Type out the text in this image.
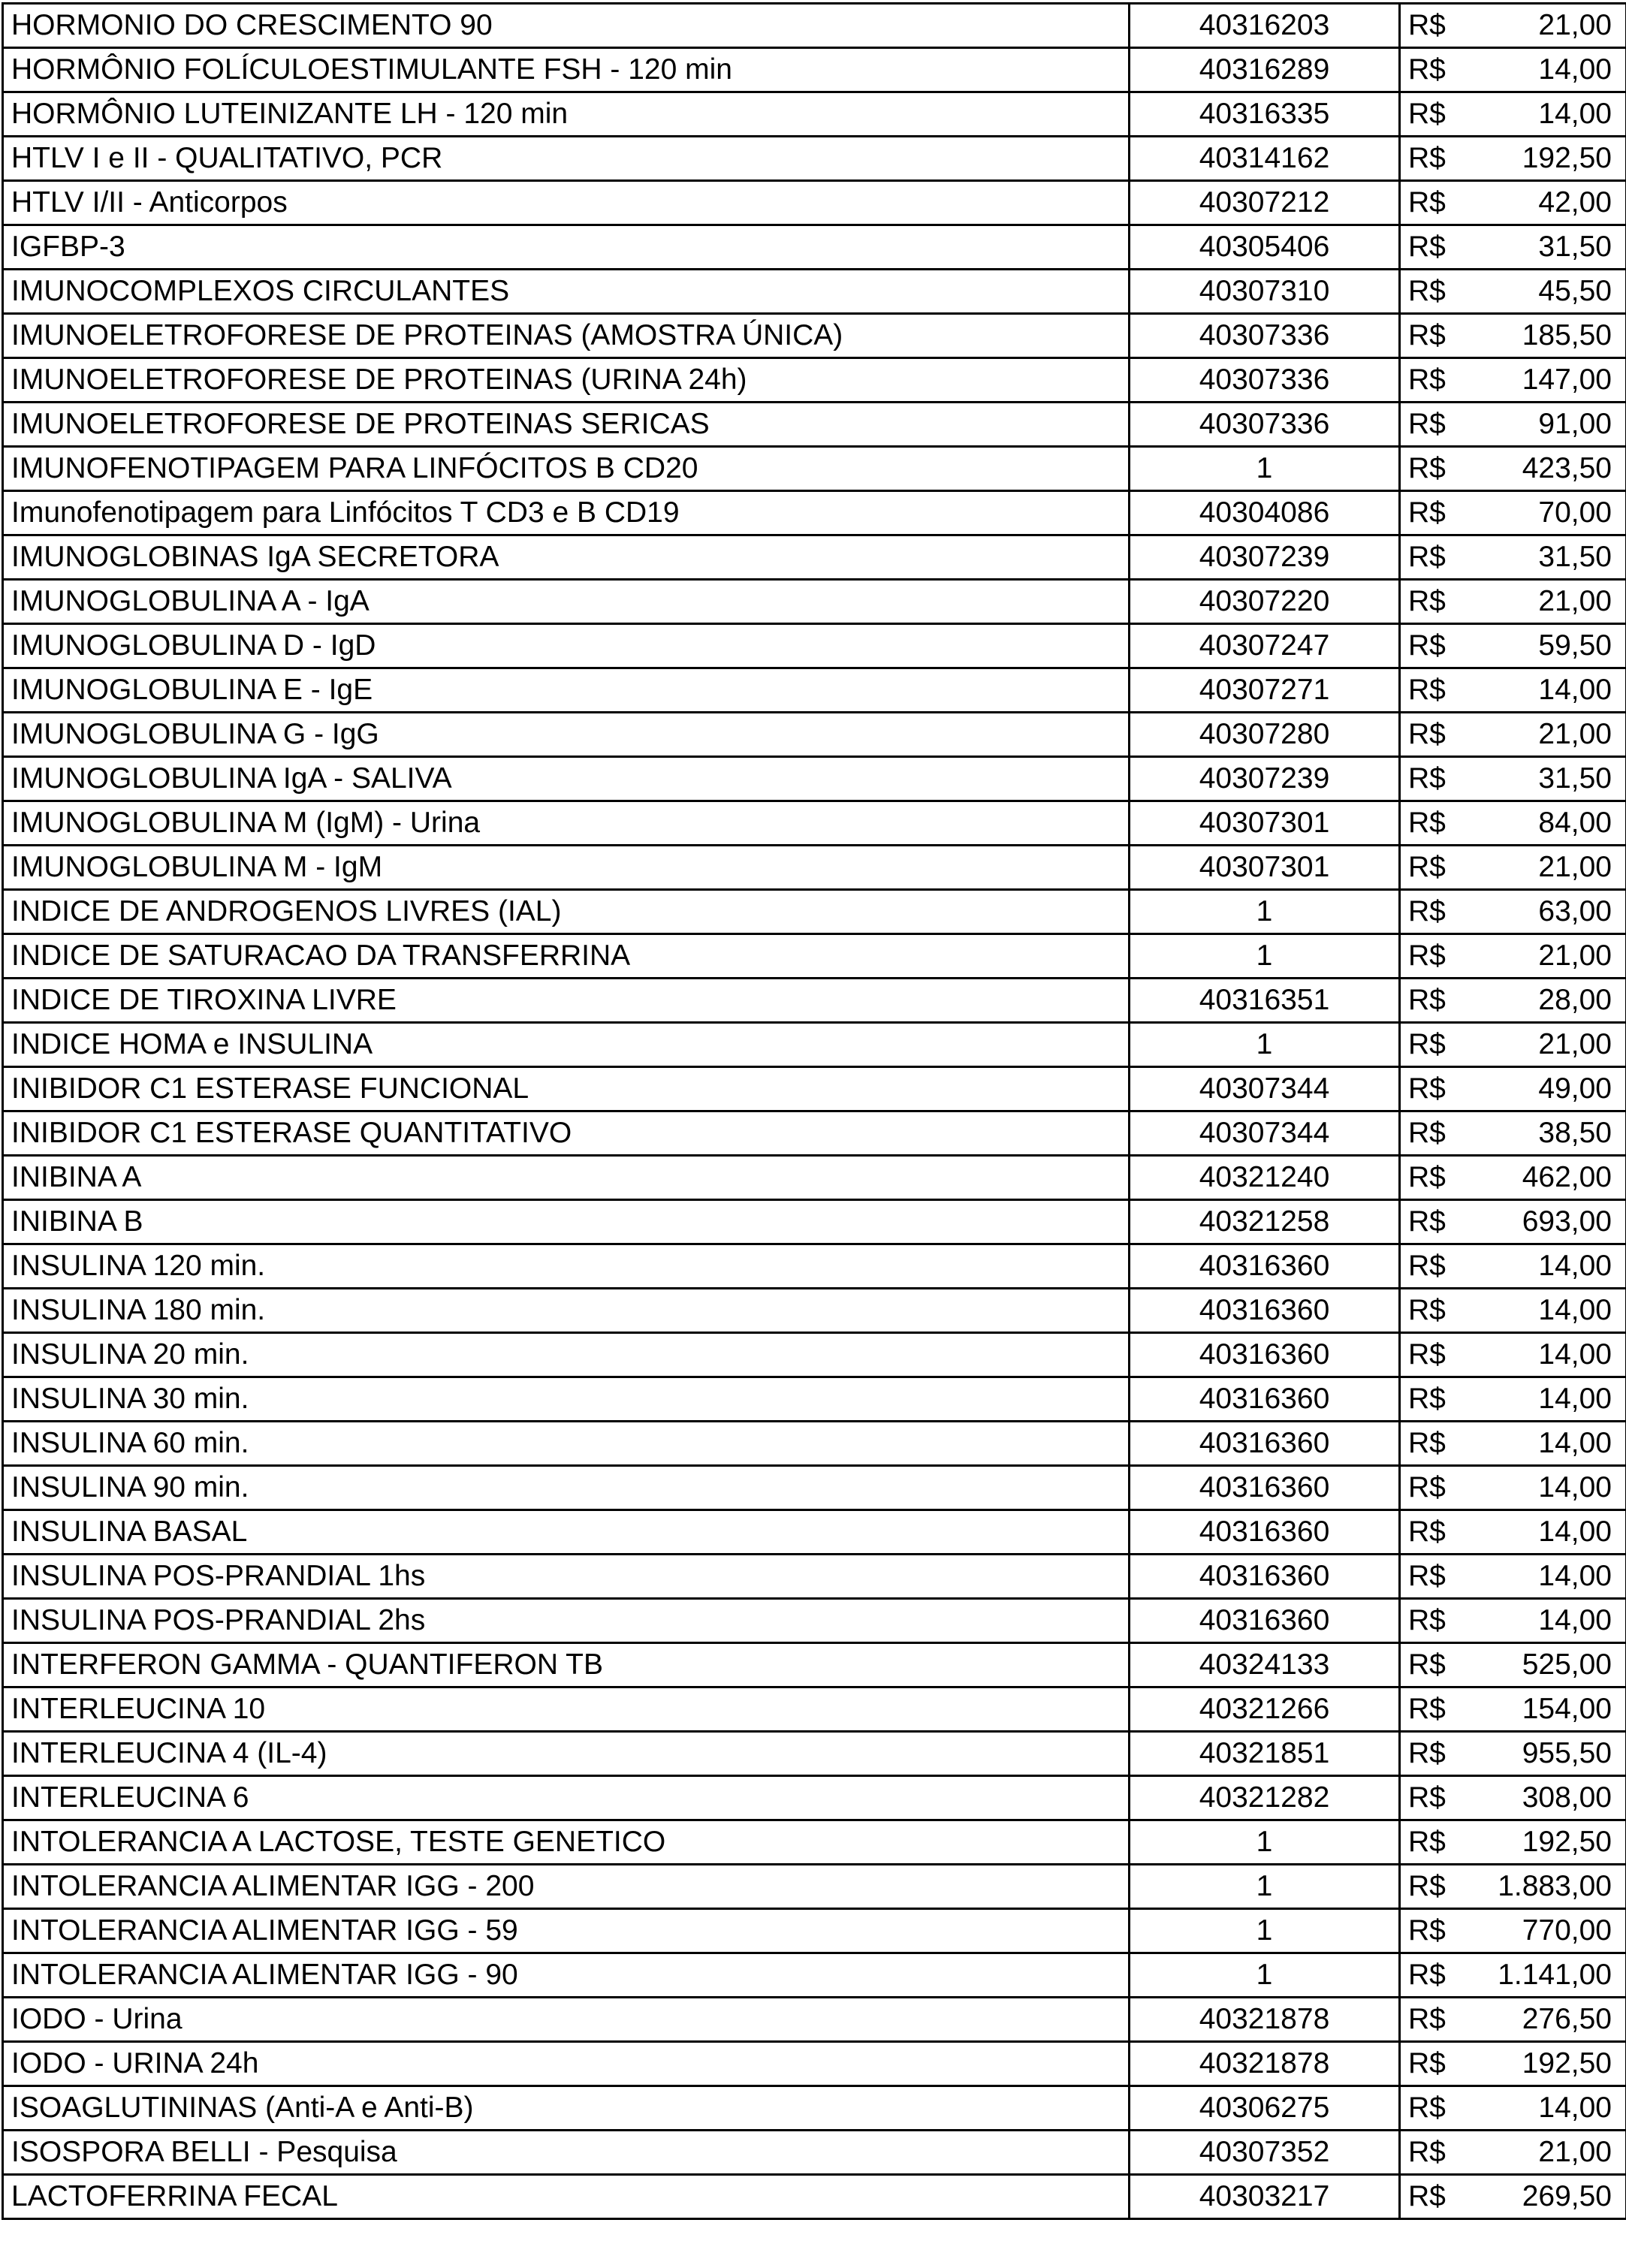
HORMONIO DO CRESCIMENTO 90	40316203	R$	21,00
HORMÔNIO FOLÍCULOESTIMULANTE FSH - 120 min	40316289	R$	14,00
HORMÔNIO LUTEINIZANTE LH - 120 min	40316335	R$	14,00
HTLV I e II - QUALITATIVO, PCR	40314162	R$	192,50
HTLV I/II - Anticorpos	40307212	R$	42,00
IGFBP-3	40305406	R$	31,50
IMUNOCOMPLEXOS CIRCULANTES	40307310	R$	45,50
IMUNOELETROFORESE DE PROTEINAS (AMOSTRA ÚNICA)	40307336	R$	185,50
IMUNOELETROFORESE DE PROTEINAS (URINA 24h)	40307336	R$	147,00
IMUNOELETROFORESE DE PROTEINAS SERICAS	40307336	R$	91,00
IMUNOFENOTIPAGEM PARA LINFÓCITOS B CD20	1	R$	423,50
Imunofenotipagem para Linfócitos T CD3 e B CD19	40304086	R$	70,00
IMUNOGLOBINAS IgA SECRETORA	40307239	R$	31,50
IMUNOGLOBULINA A - IgA	40307220	R$	21,00
IMUNOGLOBULINA D - IgD	40307247	R$	59,50
IMUNOGLOBULINA E - IgE	40307271	R$	14,00
IMUNOGLOBULINA G - IgG	40307280	R$	21,00
IMUNOGLOBULINA IgA - SALIVA	40307239	R$	31,50
IMUNOGLOBULINA M (IgM) - Urina	40307301	R$	84,00
IMUNOGLOBULINA M - IgM	40307301	R$	21,00
INDICE DE ANDROGENOS LIVRES (IAL)	1	R$	63,00
INDICE DE SATURACAO DA TRANSFERRINA	1	R$	21,00
INDICE DE TIROXINA LIVRE	40316351	R$	28,00
INDICE HOMA e INSULINA	1	R$	21,00
INIBIDOR C1 ESTERASE FUNCIONAL	40307344	R$	49,00
INIBIDOR C1 ESTERASE QUANTITATIVO	40307344	R$	38,50
INIBINA A	40321240	R$	462,00
INIBINA B	40321258	R$	693,00
INSULINA 120 min.	40316360	R$	14,00
INSULINA 180 min.	40316360	R$	14,00
INSULINA 20 min.	40316360	R$	14,00
INSULINA 30 min.	40316360	R$	14,00
INSULINA 60 min.	40316360	R$	14,00
INSULINA 90 min.	40316360	R$	14,00
INSULINA BASAL	40316360	R$	14,00
INSULINA POS-PRANDIAL 1hs	40316360	R$	14,00
INSULINA POS-PRANDIAL 2hs	40316360	R$	14,00
INTERFERON GAMMA - QUANTIFERON TB	40324133	R$	525,00
INTERLEUCINA 10	40321266	R$	154,00
INTERLEUCINA 4 (IL-4)	40321851	R$	955,50
INTERLEUCINA 6	40321282	R$	308,00
INTOLERANCIA A LACTOSE, TESTE GENETICO	1	R$	192,50
INTOLERANCIA ALIMENTAR IGG - 200	1	R$	1.883,00
INTOLERANCIA ALIMENTAR IGG - 59	1	R$	770,00
INTOLERANCIA ALIMENTAR IGG - 90	1	R$	1.141,00
IODO - Urina	40321878	R$	276,50
IODO - URINA 24h	40321878	R$	192,50
ISOAGLUTININAS (Anti-A e Anti-B)	40306275	R$	14,00
ISOSPORA BELLI - Pesquisa	40307352	R$	21,00
LACTOFERRINA FECAL	40303217	R$	269,50
